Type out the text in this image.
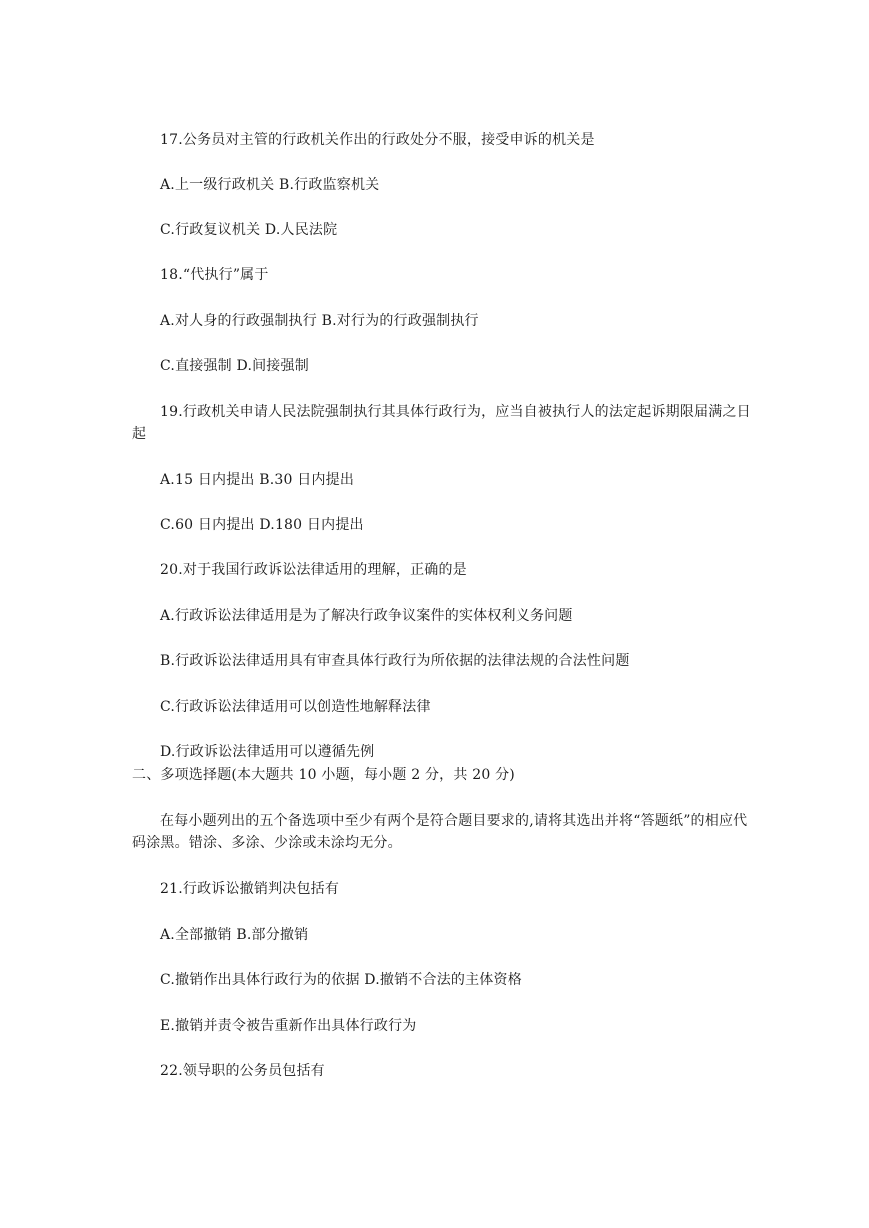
17.公务员对主管的行政机关作出的行政处分不服，接受申诉的机关是
A.上一级行政机关 B.行政监察机关
C.行政复议机关 D.人民法院
18.“代执行”属于
A.对人身的行政强制执行 B.对行为的行政强制执行
C.直接强制 D.间接强制
19.行政机关申请人民法院强制执行其具体行政行为，应当自被执行人的法定起诉期限届满之日起
A.15 日内提出 B.30 日内提出
C.60 日内提出 D.180 日内提出
20.对于我国行政诉讼法律适用的理解，正确的是
A.行政诉讼法律适用是为了解决行政争议案件的实体权利义务问题
B.行政诉讼法律适用具有审查具体行政行为所依据的法律法规的合法性问题
C.行政诉讼法律适用可以创造性地解释法律
D.行政诉讼法律适用可以遵循先例
二、多项选择题(本大题共 10 小题，每小题 2 分，共 20 分)
在每小题列出的五个备选项中至少有两个是符合题目要求的,请将其选出并将“答题纸”的相应代码涂黑。错涂、多涂、少涂或未涂均无分。
21.行政诉讼撤销判决包括有
A.全部撤销 B.部分撤销
C.撤销作出具体行政行为的依据 D.撤销不合法的主体资格
E.撤销并责令被告重新作出具体行政行为
22.领导职的公务员包括有
